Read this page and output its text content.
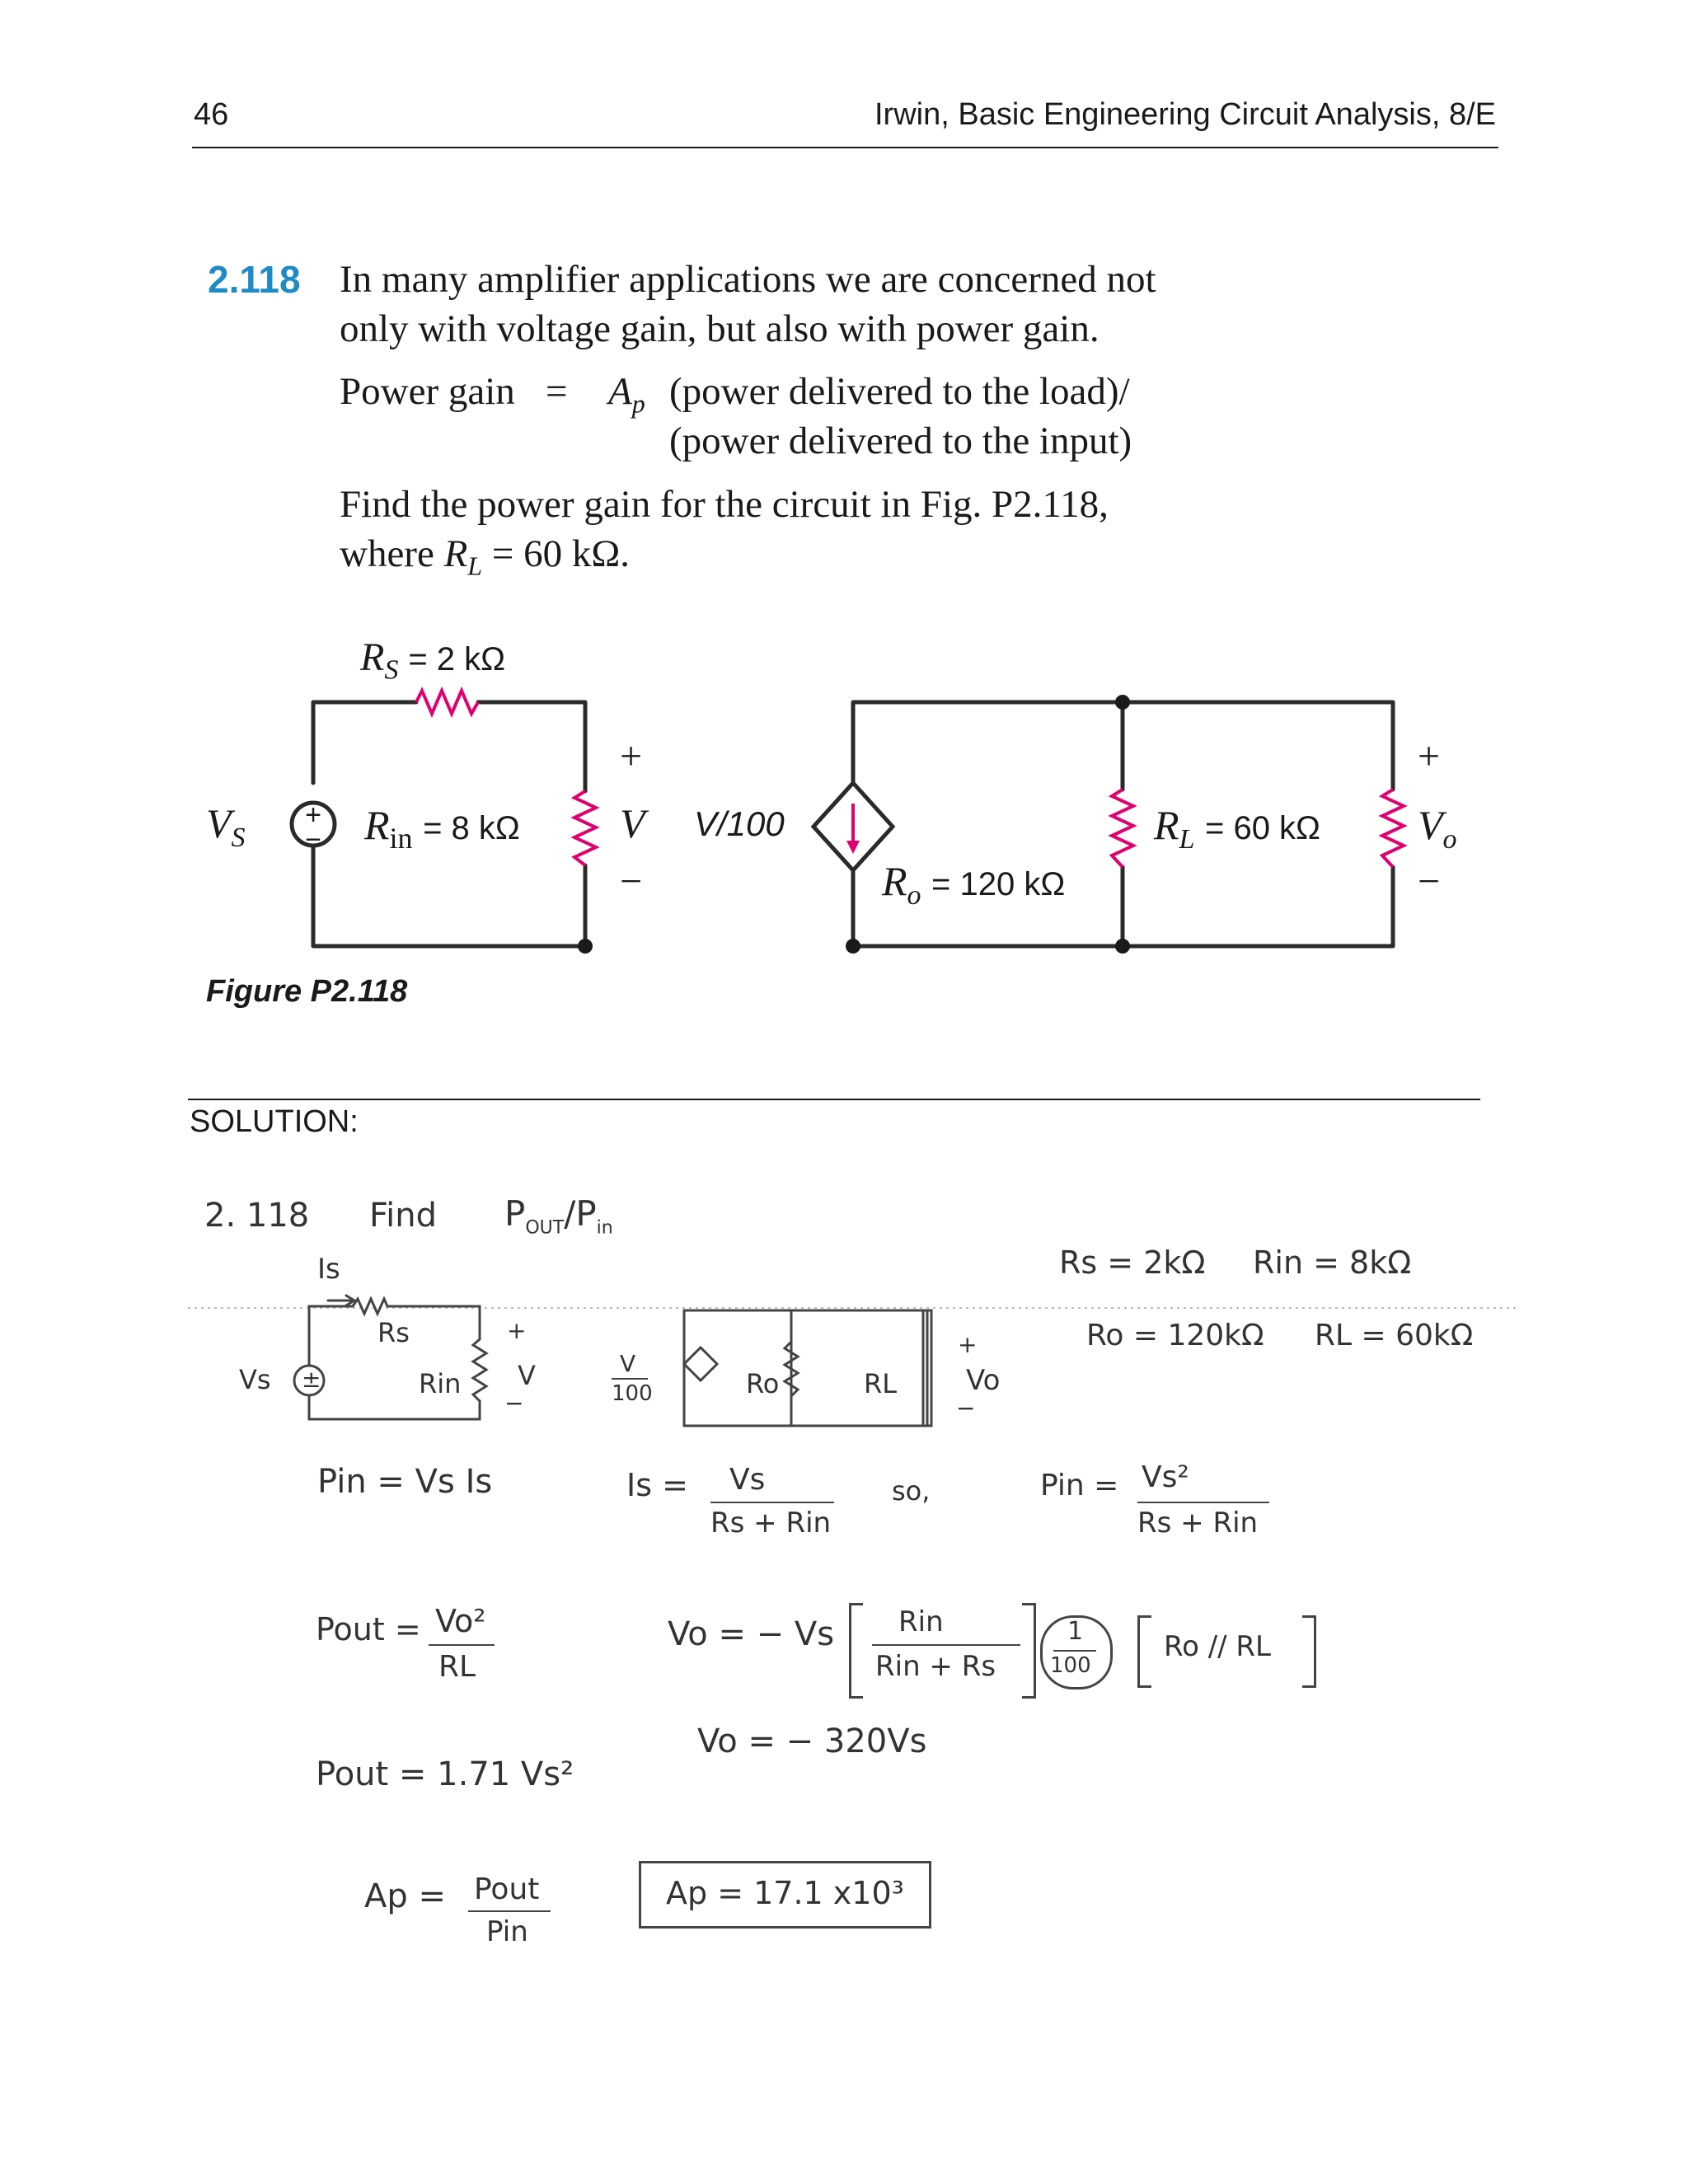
46	Irwin, Basic Engineering Circuit Analysis, 8/E
2.118 In many amplifier applications we are concerned not
only with voltage gain, but also with power gain.
Power gain = $A_p$ (power delivered to the load)/
(power delivered to the input)
Find the power gain for the circuit in Fig. P2.118,
where $R_L = 60$ kΩ.
+
−
$R_S = 2$ kΩ
$V_S$	$R_{in} = 8$ kΩ
+
V
−
V/100
$R_o = 120$ kΩ
$R_L = 60$ kΩ
+
$V_o$
−
Figure P2.118
SOLUTION:
2. 118 Find $P_{OUT}/P_{in}$
Rs = 2kΩ Rin = 8kΩ
Ro = 120kΩ RL = 60kΩ
Is
Rs
Vs ±	Rin
+
V
−
V
100	Ro	RL
+
Vo
−
Pin = Vs Is	Is = Vs
Rs + Rin
so,	Pin = Vs²
Rs + Rin
Pout = Vo²
RL
Vo = − Vs Rin
Rin + Rs
1
100
Ro // RL
Vo = − 320Vs
Pout = 1.71 Vs²
Ap = Pout
Pin
Ap = 17.1 x10³
